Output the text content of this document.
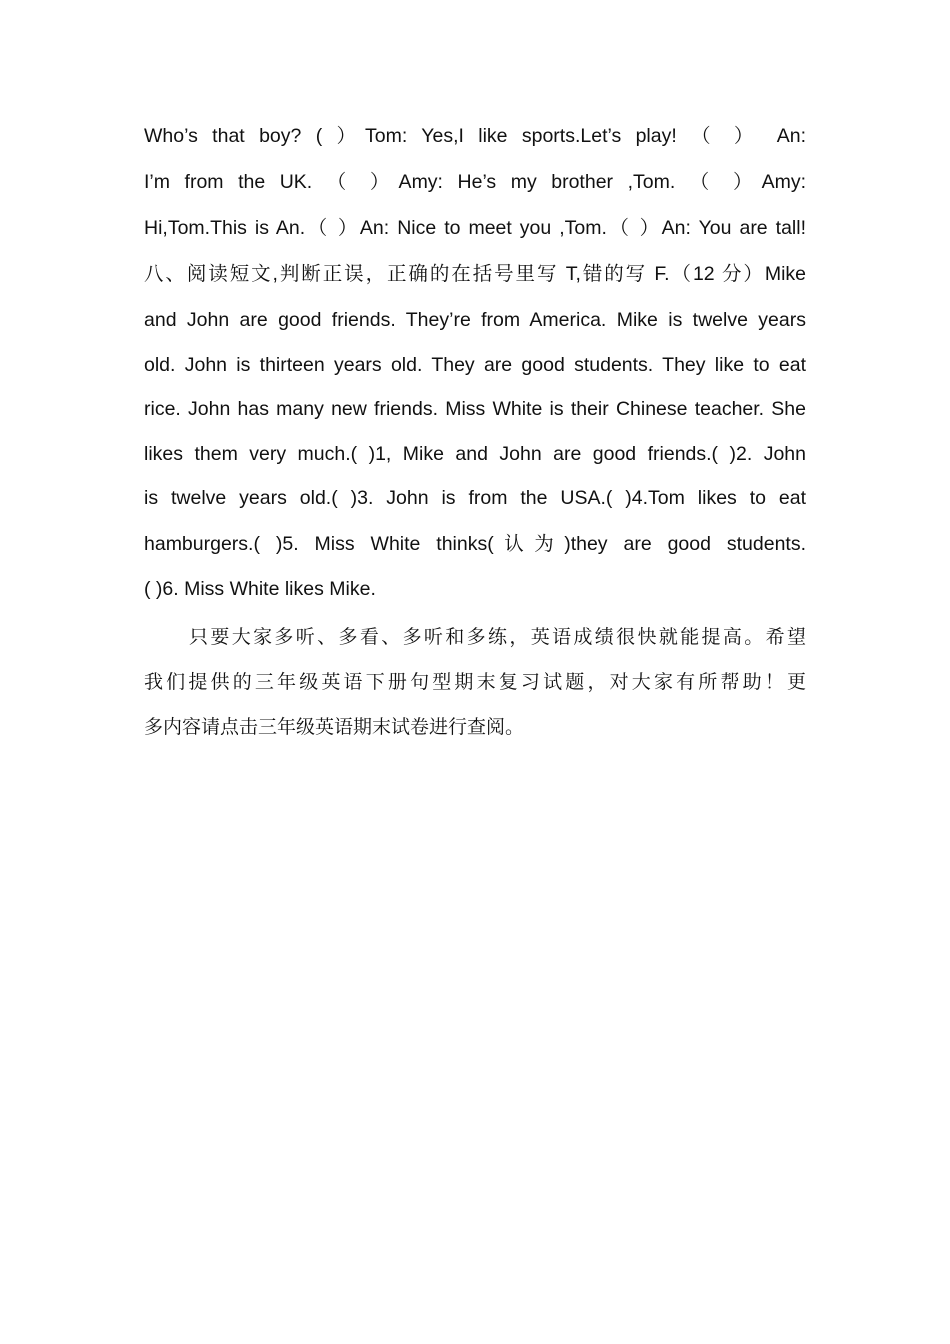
Who’s that boy? ( ）Tom: Yes,I like sports.Let’s play! （ ） An:
I’m from the UK. （ ）Amy: He’s my brother ,Tom. （ ）Amy:
Hi,Tom.This is An.（ ）An: Nice to meet you ,Tom.（ ）An: You are tall!
八、阅读短文,判断正误，正确的在括号里写 T,错的写 F.（12 分）Mike
and John are good friends. They’re from America. Mike is twelve years
old. John is thirteen years old. They are good students. They like to eat
rice. John has many new friends. Miss White is their Chinese teacher. She
likes them very much.( )1, Mike and John are good friends.( )2. John
is twelve years old.( )3. John is from the USA.( )4.Tom likes to eat
hamburgers.( )5. Miss White thinks(认为)they are good students.
( )6. Miss White likes Mike.
只要大家多听、多看、多听和多练，英语成绩很快就能提高。希望
我们提供的三年级英语下册句型期末复习试题，对大家有所帮助！更
多内容请点击三年级英语期末试卷进行查阅。
